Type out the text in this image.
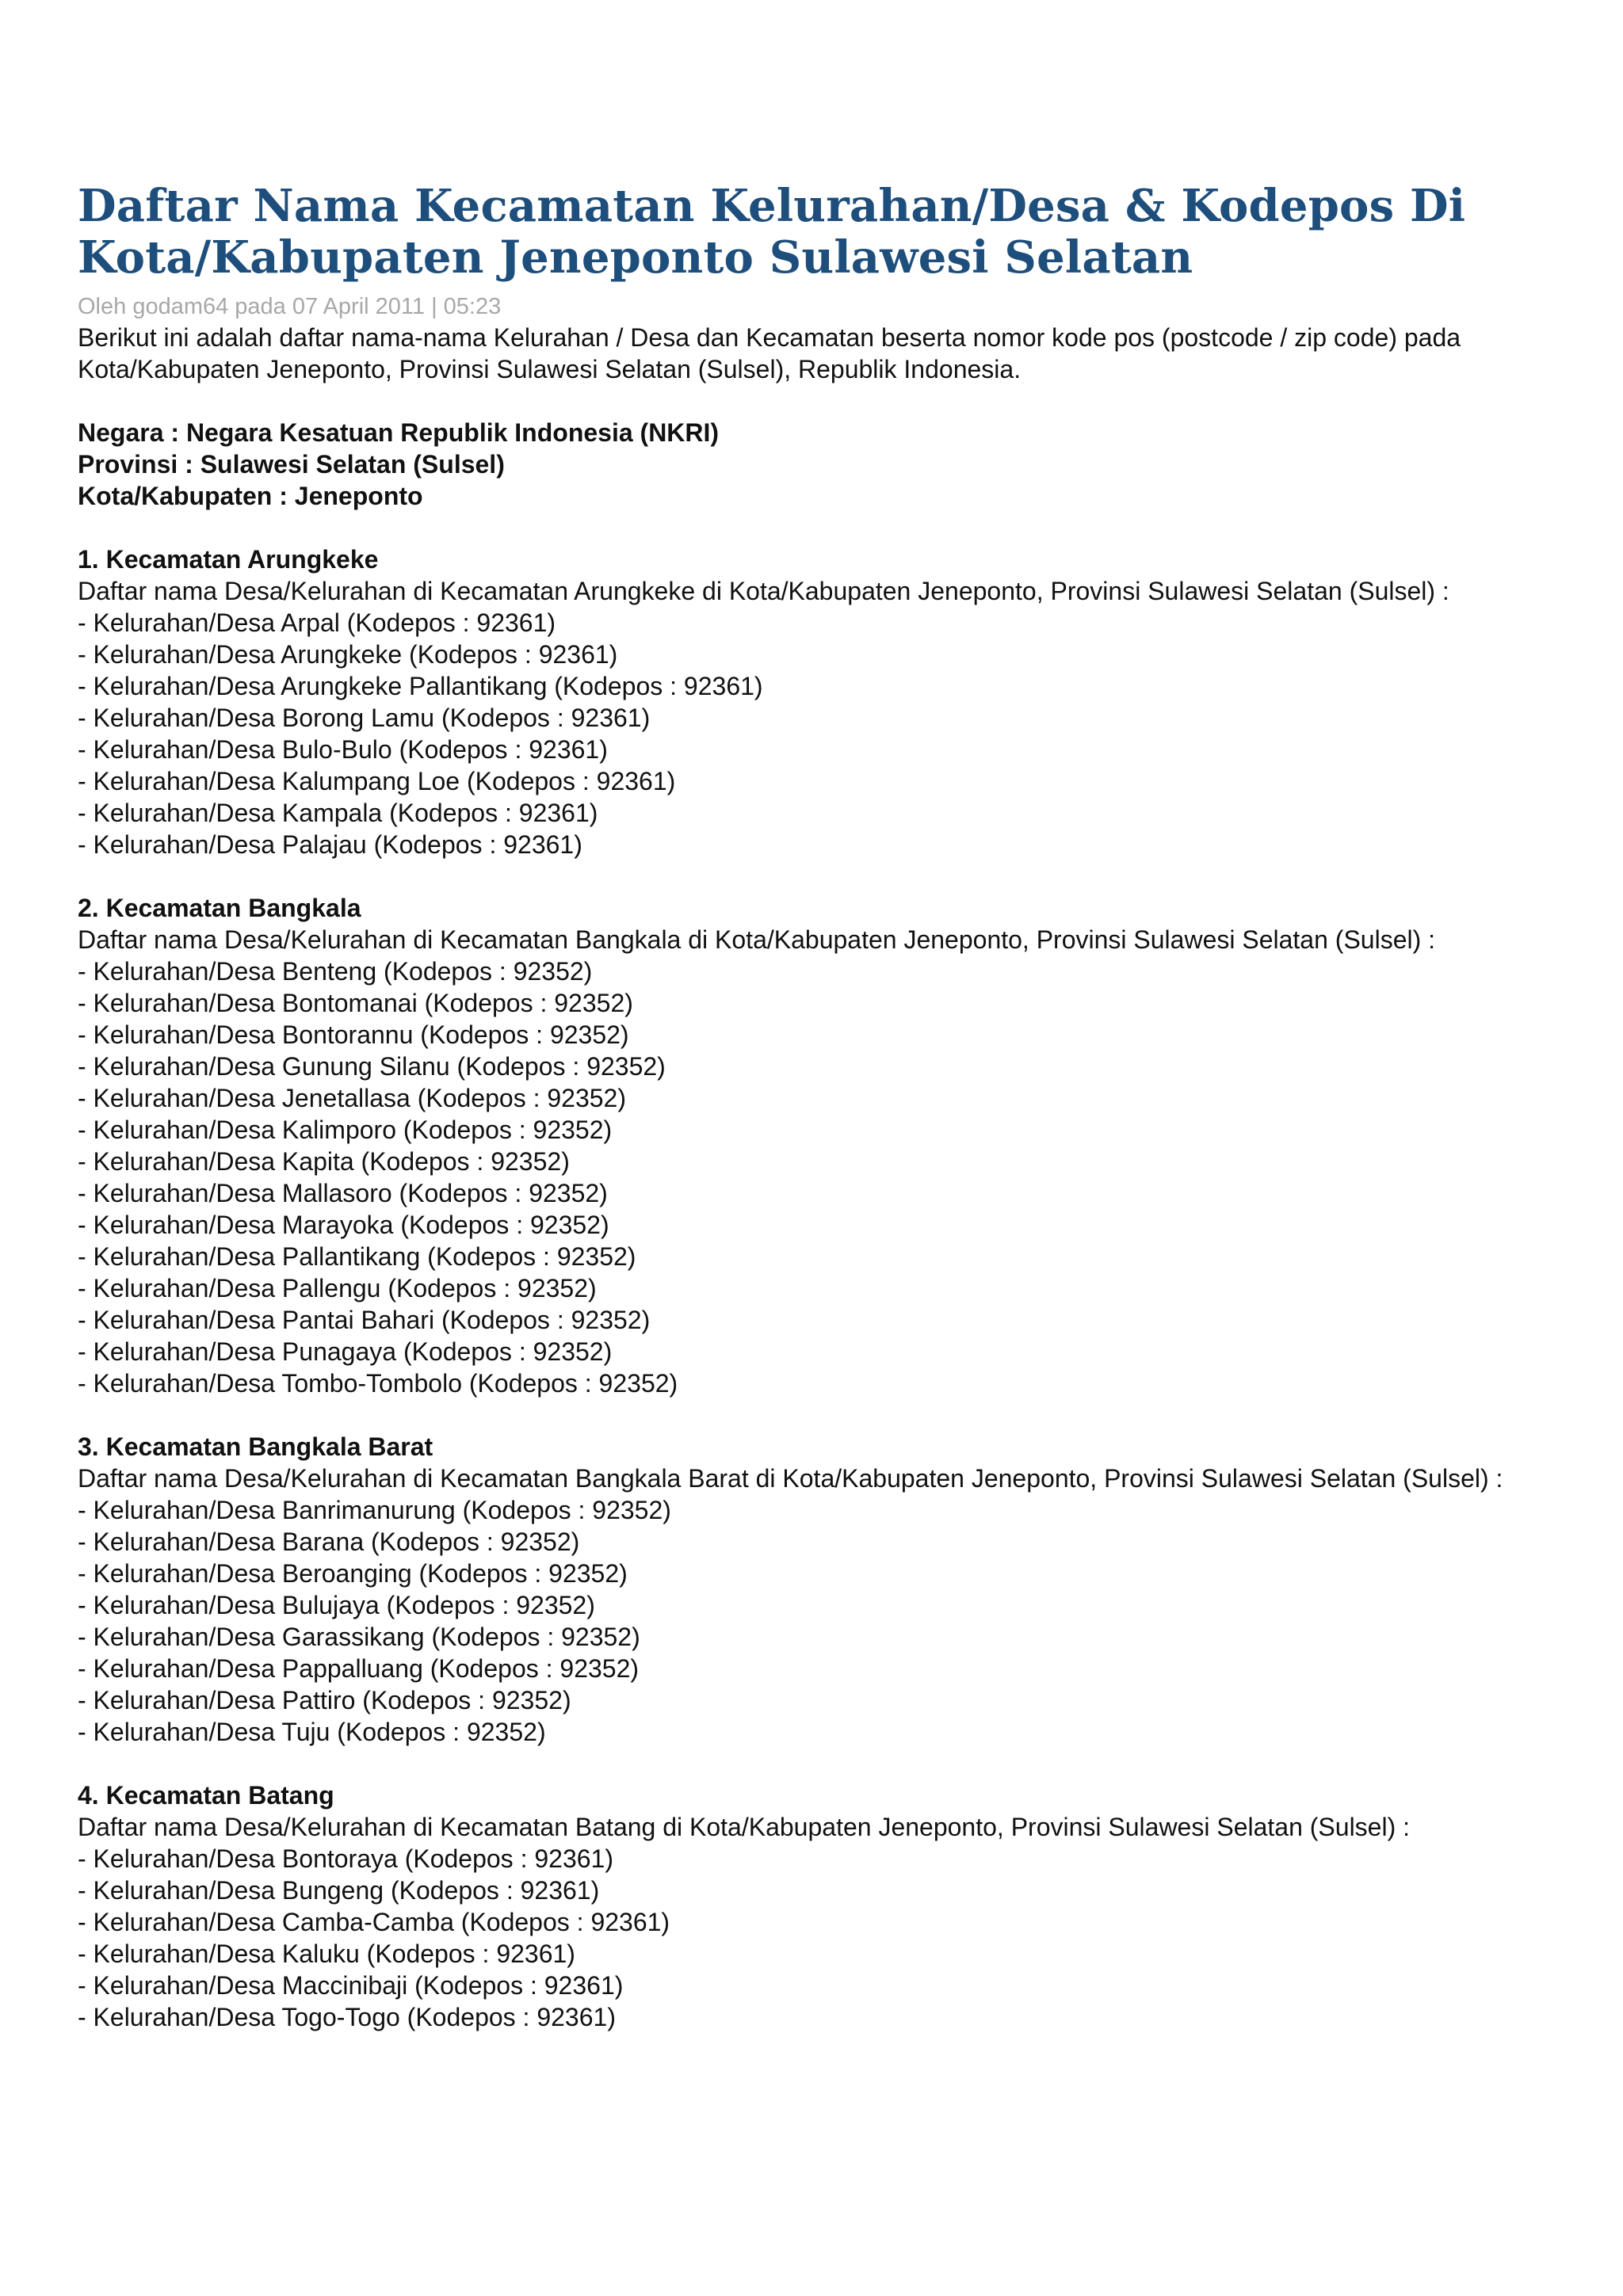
Daftar Nama Kecamatan Kelurahan/Desa & Kodepos Di Kota/Kabupaten Jeneponto Sulawesi Selatan
Oleh godam64 pada 07 April 2011 | 05:23
Berikut ini adalah daftar nama-nama Kelurahan / Desa dan Kecamatan beserta nomor kode pos (postcode / zip code) pada Kota/Kabupaten Jeneponto, Provinsi Sulawesi Selatan (Sulsel), Republik Indonesia.
Negara : Negara Kesatuan Republik Indonesia (NKRI)
Provinsi : Sulawesi Selatan (Sulsel)
Kota/Kabupaten : Jeneponto
1. Kecamatan Arungkeke
Daftar nama Desa/Kelurahan di Kecamatan Arungkeke di Kota/Kabupaten Jeneponto, Provinsi Sulawesi Selatan (Sulsel) :
- Kelurahan/Desa Arpal (Kodepos : 92361)
- Kelurahan/Desa Arungkeke (Kodepos : 92361)
- Kelurahan/Desa Arungkeke Pallantikang (Kodepos : 92361)
- Kelurahan/Desa Borong Lamu (Kodepos : 92361)
- Kelurahan/Desa Bulo-Bulo (Kodepos : 92361)
- Kelurahan/Desa Kalumpang Loe (Kodepos : 92361)
- Kelurahan/Desa Kampala (Kodepos : 92361)
- Kelurahan/Desa Palajau (Kodepos : 92361)
2. Kecamatan Bangkala
Daftar nama Desa/Kelurahan di Kecamatan Bangkala di Kota/Kabupaten Jeneponto, Provinsi Sulawesi Selatan (Sulsel) :
- Kelurahan/Desa Benteng (Kodepos : 92352)
- Kelurahan/Desa Bontomanai (Kodepos : 92352)
- Kelurahan/Desa Bontorannu (Kodepos : 92352)
- Kelurahan/Desa Gunung Silanu (Kodepos : 92352)
- Kelurahan/Desa Jenetallasa (Kodepos : 92352)
- Kelurahan/Desa Kalimporo (Kodepos : 92352)
- Kelurahan/Desa Kapita (Kodepos : 92352)
- Kelurahan/Desa Mallasoro (Kodepos : 92352)
- Kelurahan/Desa Marayoka (Kodepos : 92352)
- Kelurahan/Desa Pallantikang (Kodepos : 92352)
- Kelurahan/Desa Pallengu (Kodepos : 92352)
- Kelurahan/Desa Pantai Bahari (Kodepos : 92352)
- Kelurahan/Desa Punagaya (Kodepos : 92352)
- Kelurahan/Desa Tombo-Tombolo (Kodepos : 92352)
3. Kecamatan Bangkala Barat
Daftar nama Desa/Kelurahan di Kecamatan Bangkala Barat di Kota/Kabupaten Jeneponto, Provinsi Sulawesi Selatan (Sulsel) :
- Kelurahan/Desa Banrimanurung (Kodepos : 92352)
- Kelurahan/Desa Barana (Kodepos : 92352)
- Kelurahan/Desa Beroanging (Kodepos : 92352)
- Kelurahan/Desa Bulujaya (Kodepos : 92352)
- Kelurahan/Desa Garassikang (Kodepos : 92352)
- Kelurahan/Desa Pappalluang (Kodepos : 92352)
- Kelurahan/Desa Pattiro (Kodepos : 92352)
- Kelurahan/Desa Tuju (Kodepos : 92352)
4. Kecamatan Batang
Daftar nama Desa/Kelurahan di Kecamatan Batang di Kota/Kabupaten Jeneponto, Provinsi Sulawesi Selatan (Sulsel) :
- Kelurahan/Desa Bontoraya (Kodepos : 92361)
- Kelurahan/Desa Bungeng (Kodepos : 92361)
- Kelurahan/Desa Camba-Camba (Kodepos : 92361)
- Kelurahan/Desa Kaluku (Kodepos : 92361)
- Kelurahan/Desa Maccinibaji (Kodepos : 92361)
- Kelurahan/Desa Togo-Togo (Kodepos : 92361)
